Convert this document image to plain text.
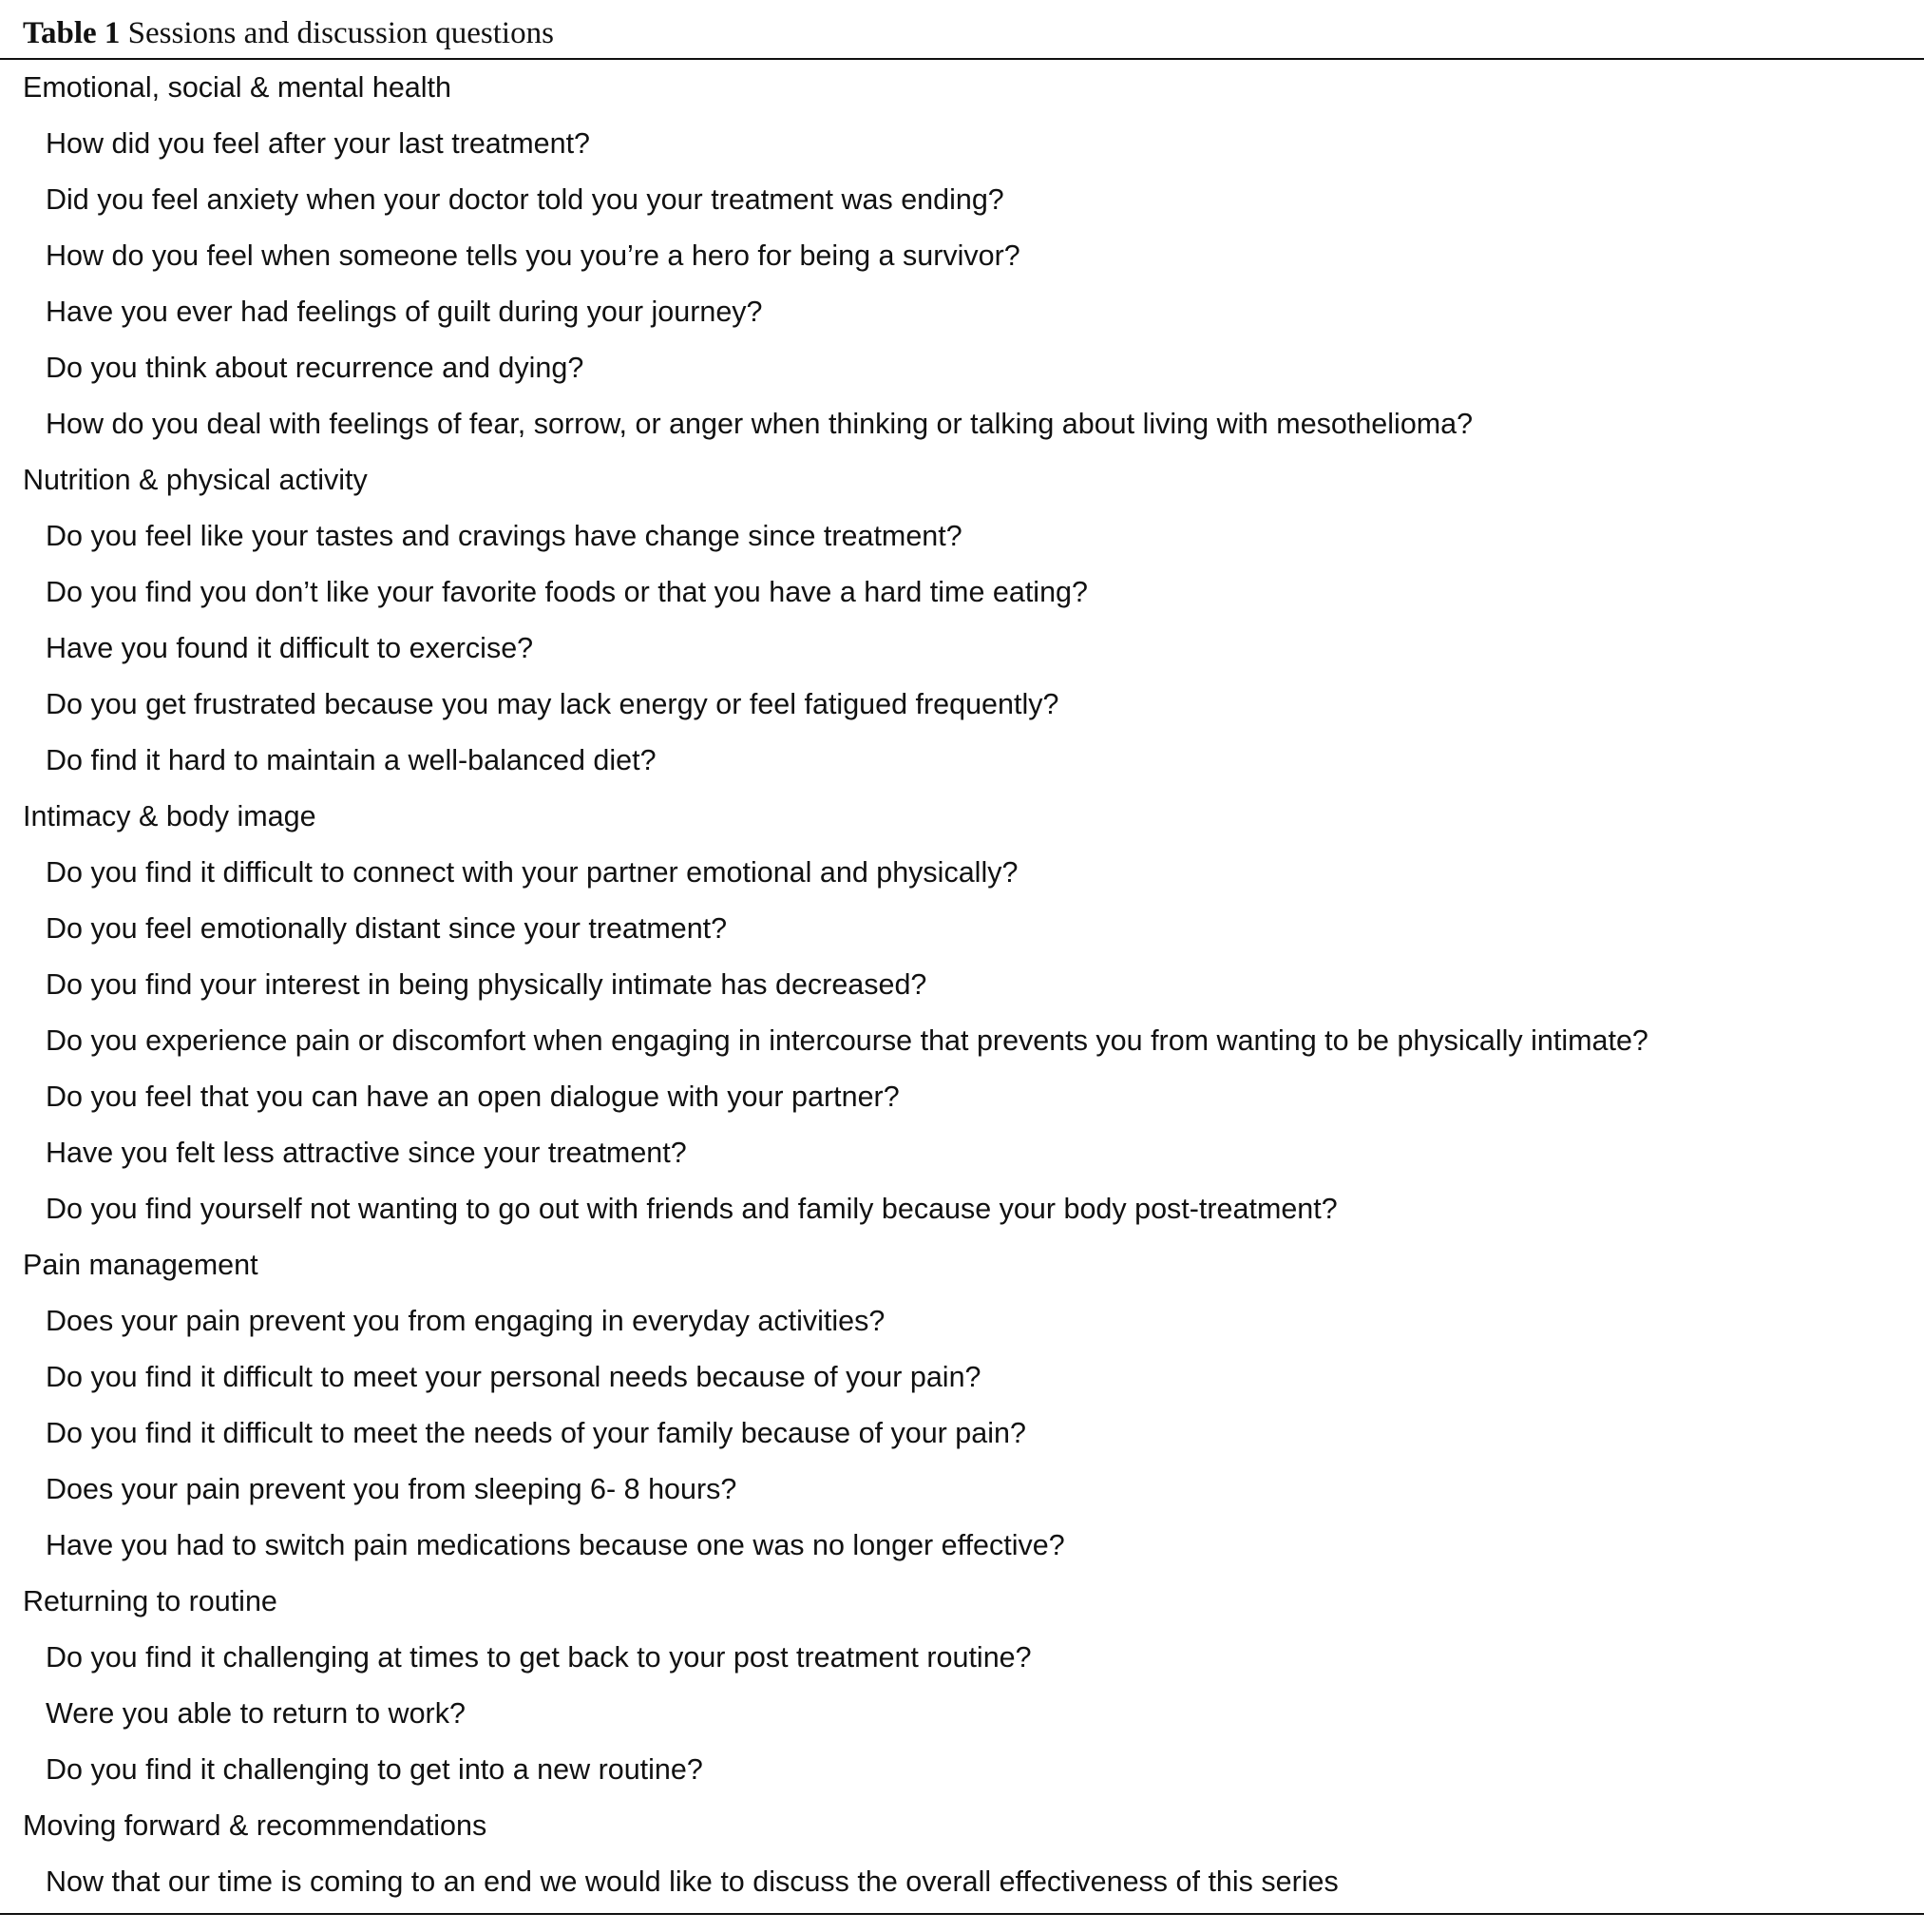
Table 1 Sessions and discussion questions
Emotional, social & mental health
How did you feel after your last treatment?
Did you feel anxiety when your doctor told you your treatment was ending?
How do you feel when someone tells you you’re a hero for being a survivor?
Have you ever had feelings of guilt during your journey?
Do you think about recurrence and dying?
How do you deal with feelings of fear, sorrow, or anger when thinking or talking about living with mesothelioma?
Nutrition & physical activity
Do you feel like your tastes and cravings have change since treatment?
Do you find you don’t like your favorite foods or that you have a hard time eating?
Have you found it difficult to exercise?
Do you get frustrated because you may lack energy or feel fatigued frequently?
Do find it hard to maintain a well-balanced diet?
Intimacy & body image
Do you find it difficult to connect with your partner emotional and physically?
Do you feel emotionally distant since your treatment?
Do you find your interest in being physically intimate has decreased?
Do you experience pain or discomfort when engaging in intercourse that prevents you from wanting to be physically intimate?
Do you feel that you can have an open dialogue with your partner?
Have you felt less attractive since your treatment?
Do you find yourself not wanting to go out with friends and family because your body post-treatment?
Pain management
Does your pain prevent you from engaging in everyday activities?
Do you find it difficult to meet your personal needs because of your pain?
Do you find it difficult to meet the needs of your family because of your pain?
Does your pain prevent you from sleeping 6- 8 hours?
Have you had to switch pain medications because one was no longer effective?
Returning to routine
Do you find it challenging at times to get back to your post treatment routine?
Were you able to return to work?
Do you find it challenging to get into a new routine?
Moving forward & recommendations
Now that our time is coming to an end we would like to discuss the overall effectiveness of this series
